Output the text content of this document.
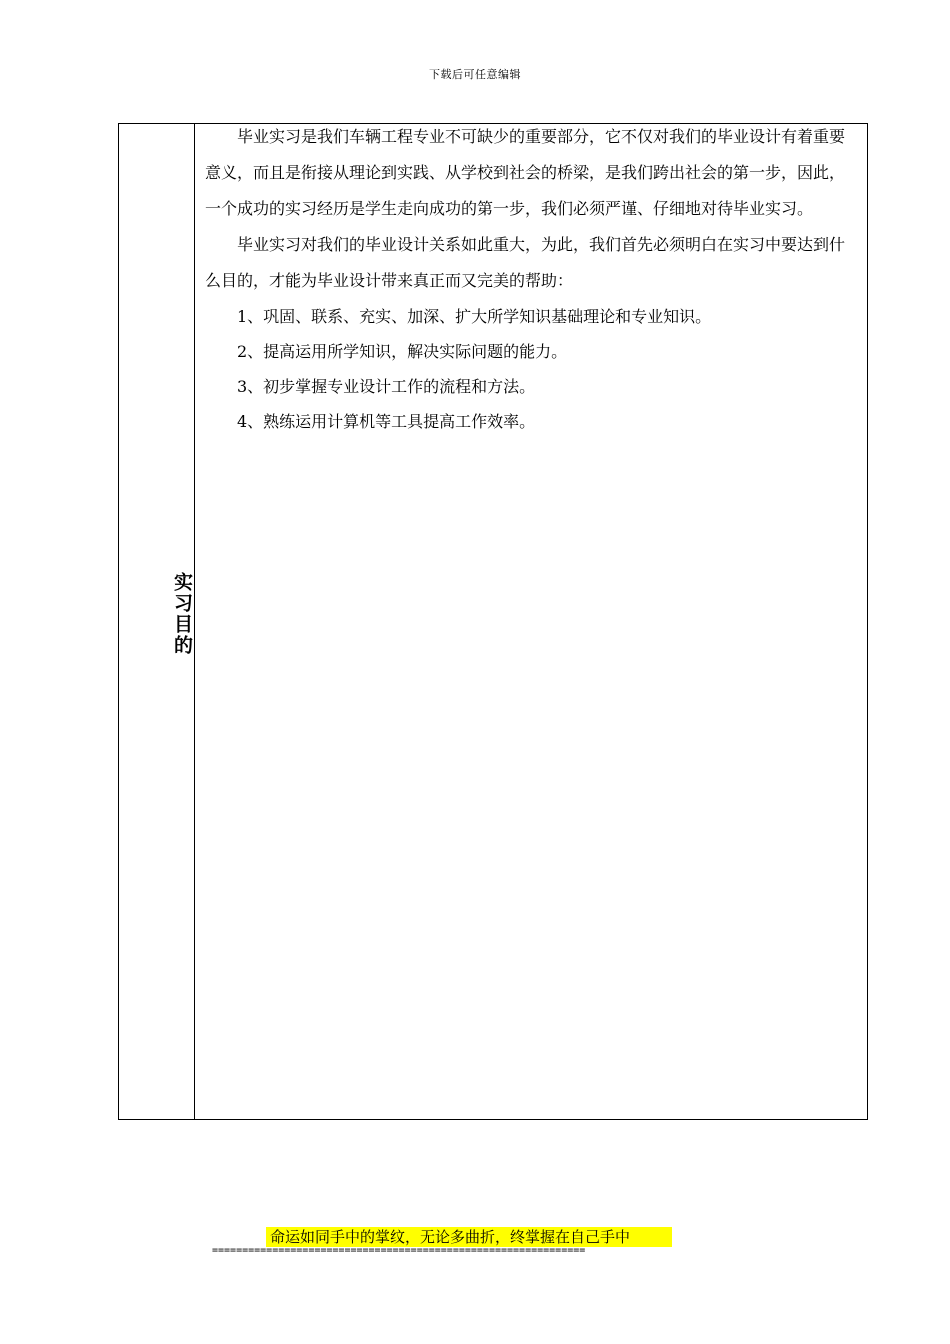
下载后可任意编辑
实习目的

毕业实习是我们车辆工程专业不可缺少的重要部分，它不仅对我们的毕业设计有着重要意义，而且是衔接从理论到实践、从学校到社会的桥梁，是我们跨出社会的第一步，因此，一个成功的实习经历是学生走向成功的第一步，我们必须严谨、仔细地对待毕业实习。

毕业实习对我们的毕业设计关系如此重大，为此，我们首先必须明白在实习中要达到什么目的，才能为毕业设计带来真正而又完美的帮助：

1、巩固、联系、充实、加深、扩大所学知识基础理论和专业知识。

2、提高运用所学知识，解决实际问题的能力。

3、初步掌握专业设计工作的流程和方法。

4、熟练运用计算机等工具提高工作效率。

命运如同手中的掌纹，无论多曲折，终掌握在自己手中
==============================================================
